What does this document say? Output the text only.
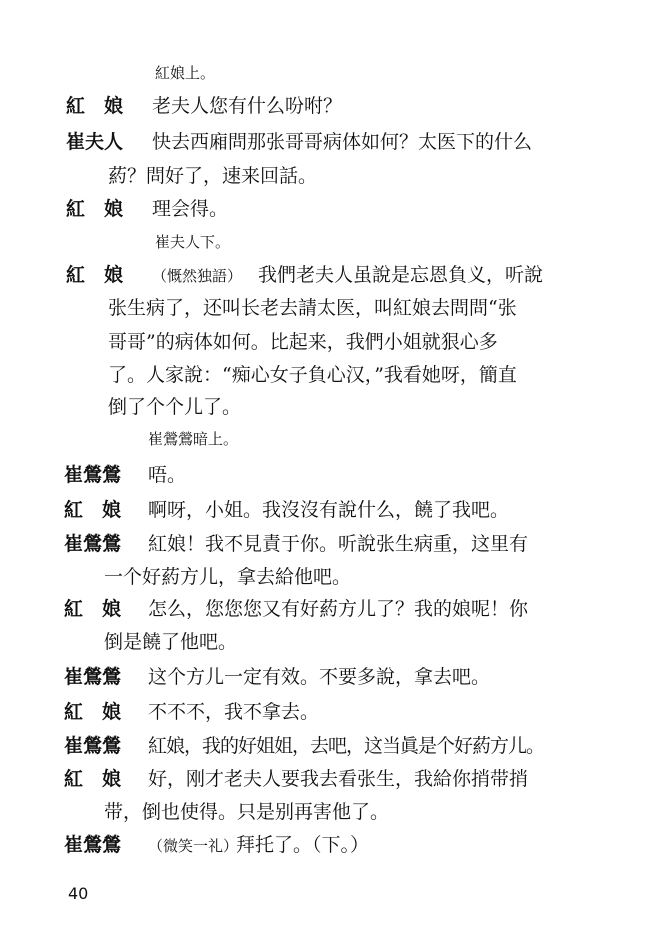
紅娘上。
紅　娘 老夫人您有什么吩咐？
崔夫人 快去西廂問那张哥哥病体如何？太医下的什么
葯？問好了，速来回話。
紅　娘 理会得。
崔夫人下。
紅　娘 （慨然独語） 我們老夫人虽說是忘恩負义，听說
张生病了，还叫长老去請太医，叫紅娘去問問“张
哥哥”的病体如何。比起来，我們小姐就狠心多
了。人家說：“痴心女子負心汉，”我看她呀，簡直
倒了个个儿了。
崔鶯鶯暗上。
崔鶯鶯 唔。
紅　娘 啊呀，小姐。我沒沒有說什么，饒了我吧。
崔鶯鶯 紅娘！我不見責于你。听說张生病重，这里有
一个好葯方儿，拿去給他吧。
紅　娘 怎么，您您您又有好葯方儿了？我的娘呢！你
倒是饒了他吧。
崔鶯鶯 这个方儿一定有效。不要多說，拿去吧。
紅　娘 不不不，我不拿去。
崔鶯鶯 紅娘，我的好姐姐，去吧，这当眞是个好葯方儿。
紅　娘 好，刚才老夫人要我去看张生，我給你捎带捎
带，倒也使得。只是别再害他了。
崔鶯鶯 （微笑一礼）
拜托了。（下。）
40
